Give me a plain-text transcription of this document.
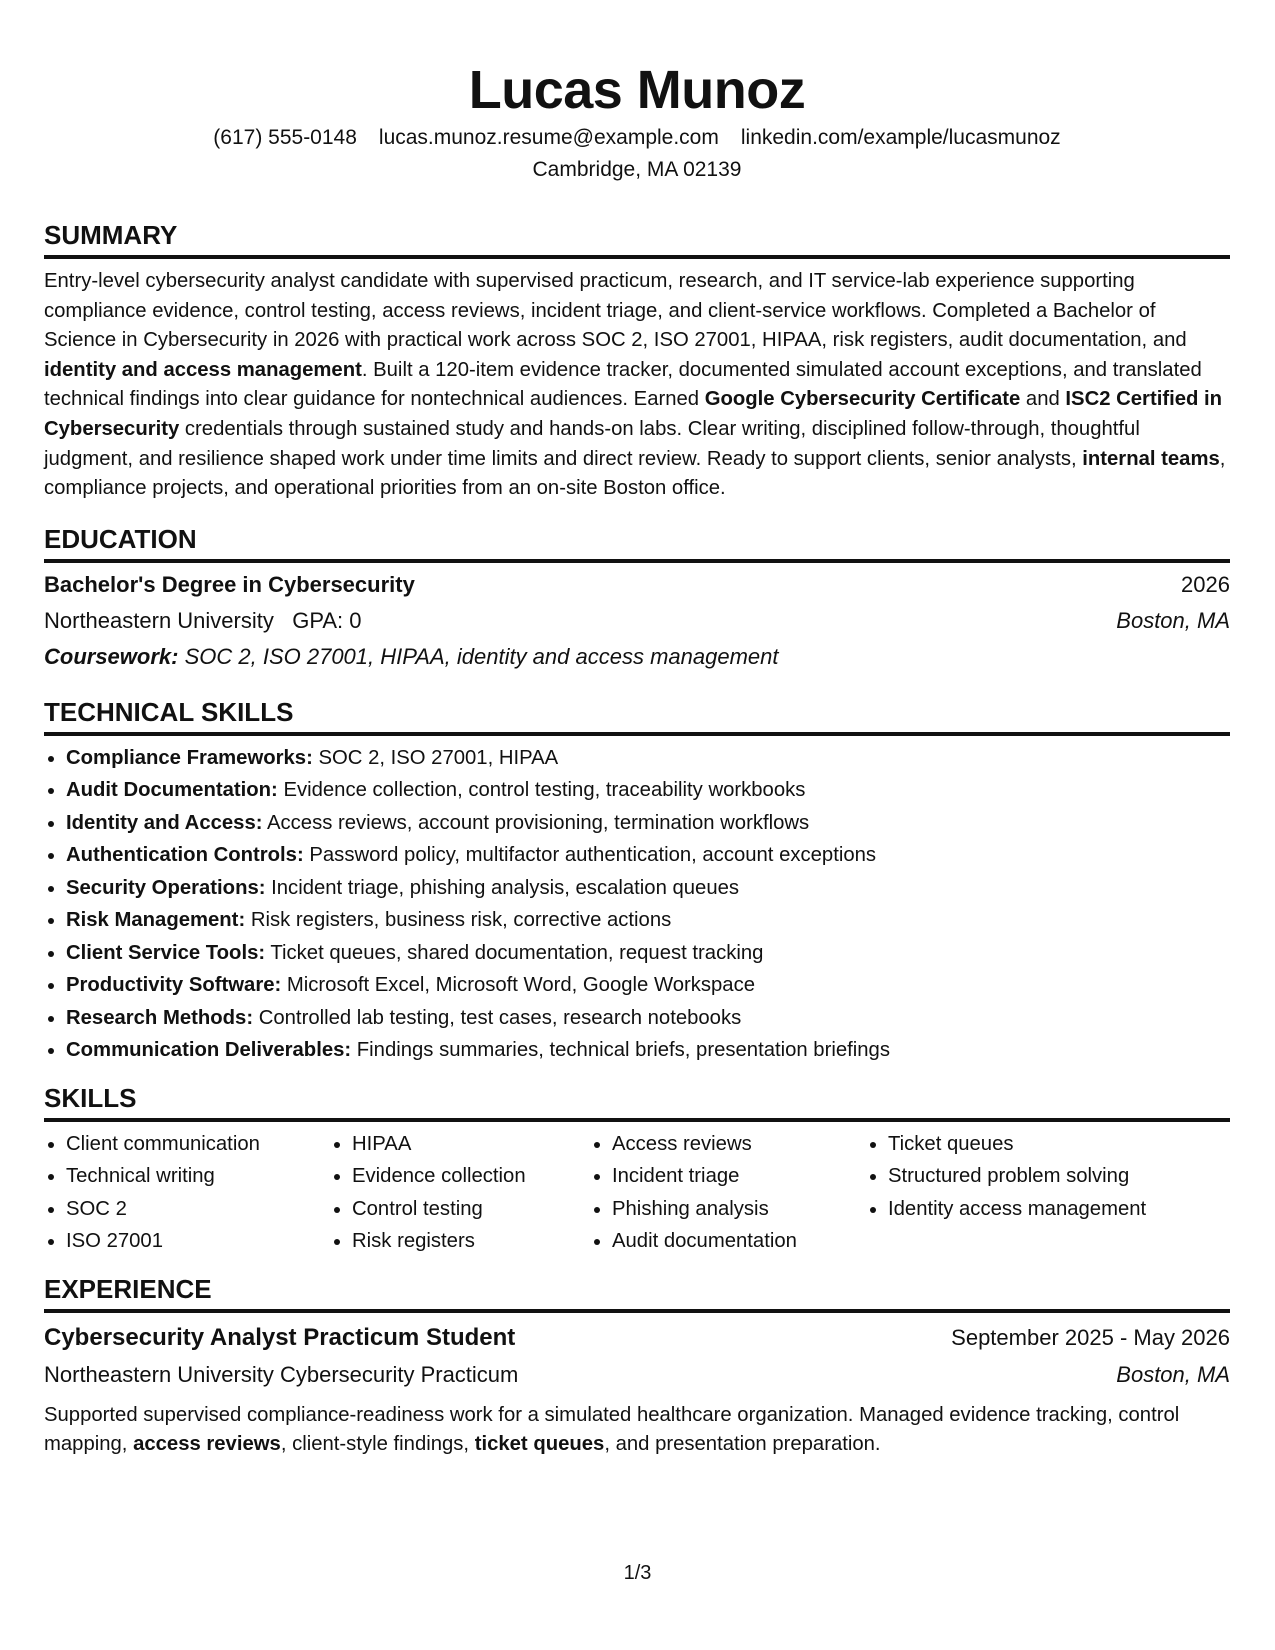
Lucas Munoz
(617) 555-0148 lucas.munoz.resume@example.com linkedin.com/example/lucasmunoz
Cambridge, MA 02139
SUMMARY
Entry-level cybersecurity analyst candidate with supervised practicum, research, and IT service-lab experience supporting compliance evidence, control testing, access reviews, incident triage, and client-service workflows. Completed a Bachelor of Science in Cybersecurity in 2026 with practical work across SOC 2, ISO 27001, HIPAA, risk registers, audit documentation, and identity and access management. Built a 120-item evidence tracker, documented simulated account exceptions, and translated technical findings into clear guidance for nontechnical audiences. Earned Google Cybersecurity Certificate and ISC2 Certified in Cybersecurity credentials through sustained study and hands-on labs. Clear writing, disciplined follow-through, thoughtful judgment, and resilience shaped work under time limits and direct review. Ready to support clients, senior analysts, internal teams, compliance projects, and operational priorities from an on-site Boston office.
EDUCATION
Bachelor's Degree in Cybersecurity	2026
Northeastern University GPA: 0	Boston, MA
Coursework: SOC 2, ISO 27001, HIPAA, identity and access management
TECHNICAL SKILLS
• Compliance Frameworks: SOC 2, ISO 27001, HIPAA
• Audit Documentation: Evidence collection, control testing, traceability workbooks
• Identity and Access: Access reviews, account provisioning, termination workflows
• Authentication Controls: Password policy, multifactor authentication, account exceptions
• Security Operations: Incident triage, phishing analysis, escalation queues
• Risk Management: Risk registers, business risk, corrective actions
• Client Service Tools: Ticket queues, shared documentation, request tracking
• Productivity Software: Microsoft Excel, Microsoft Word, Google Workspace
• Research Methods: Controlled lab testing, test cases, research notebooks
• Communication Deliverables: Findings summaries, technical briefs, presentation briefings
SKILLS
• Client communication
• Technical writing
• SOC 2
• ISO 27001
• HIPAA
• Evidence collection
• Control testing
• Risk registers
• Access reviews
• Incident triage
• Phishing analysis
• Audit documentation
• Ticket queues
• Structured problem solving
• Identity access management
EXPERIENCE
Cybersecurity Analyst Practicum Student	September 2025 - May 2026
Northeastern University Cybersecurity Practicum	Boston, MA
Supported supervised compliance-readiness work for a simulated healthcare organization. Managed evidence tracking, control mapping, access reviews, client-style findings, ticket queues, and presentation preparation.
1/3
